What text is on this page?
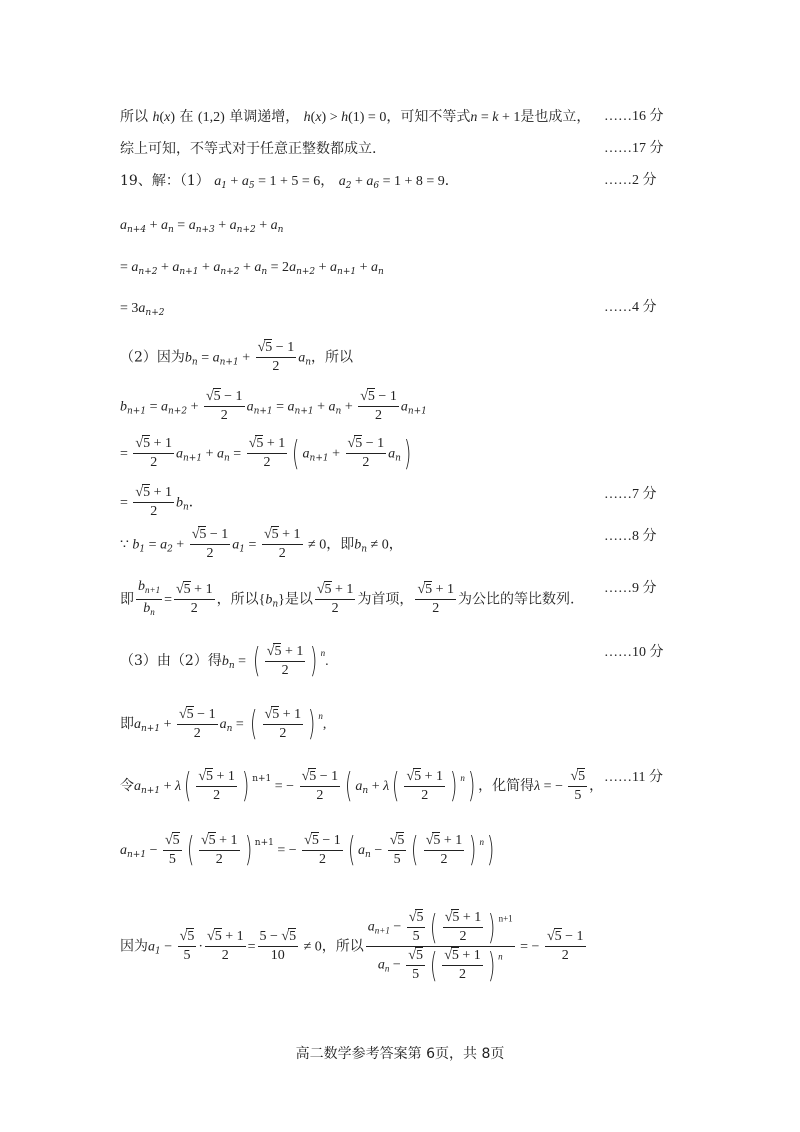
所以 h(x) 在 (1,2) 单调递增， h(x) > h(1) = 0，可知不等式n = k + 1是也成立， ……16 分
综上可知，不等式对于任意正整数都成立.	……17 分
19、解：（1） $a_1 + a_5 = 1 + 5 = 6$， $a_2 + a_6 = 1 + 8 = 9$．	……2 分
$a_{n+4} + a_n = a_{n+3} + a_{n+2} + a_n$
= $a_{n+2} + a_{n+1} + a_{n+2} + a_n = 2a_{n+2} + a_{n+1} + a_n$
= $3a_{n+2}$	……4 分
（2）因为$b_n = a_{n+1} + \frac{√5 - 1}{2} a_n$，所以
$b_{n+1} = a_{n+2} + \frac{√5 - 1}{2} a_{n+1} = a_{n+1} + a_n + \frac{√5 - 1}{2} a_{n+1}$
= $\frac{√5 + 1}{2} a_{n+1} + a_n = \frac{√5 + 1}{2}$ ( $a_{n+1} + \frac{√5 - 1}{2} a_n$)
= $\frac{√5 + 1}{2} b_n$．
……7 分
∵ $b_1 = a_2 + \frac{√5 - 1}{2} a_1 = \frac{√5 + 1}{2} \ne 0$，即$b_n \ne 0$，
……8 分
即 $\frac{b_{n+1}}{b_n} = \frac{√5 + 1}{2}$ ，所以$\{b_n\}$是以 $\frac{√5 + 1}{2}$ 为首项， $\frac{√5 + 1}{2}$ 为公比的等比数列.
……9 分
（3）由（2）得$b_n$ = ( $\frac{√5 + 1}{2}$ ) $^n$.
……10 分
即$a_{n+1} + \frac{√5 - 1}{2} a_n$ = ( $\frac{√5 + 1}{2}$ ) $^n$,
令$a_{n+1} + \lambda( \frac{√5 + 1}{2}$ ) $^{n+1}$ = − $\frac{√5 - 1}{2}$ ( $a_n + \lambda( \frac{√5 + 1}{2}$ ) $^n$) ，化简得λ = − $\frac{√5}{5}$ ，
……11 分
$a_{n+1} - \frac{√5}{5}$ ( $\frac{√5 + 1}{2}$ ) $^{n+1}$ = − $\frac{√5 - 1}{2}$ ( $a_n - \frac{√5}{5}$ ( $\frac{√5 + 1}{2}$ ) $^n$)
因为$a_1 - \frac{√5}{5} \cdot \frac{√5 + 1}{2} = \frac{5 - √5}{10} \ne 0$，所以 $\frac{a_{n+1} - \frac{√5}{5} ( \frac{√5 + 1}{2} ) ^{n+1}}{a_n - \frac{√5}{5} ( \frac{√5 + 1}{2} ) ^n}$ = − $\frac{√5 - 1}{2}$
高二数学参考答案第 6页，共 8页
